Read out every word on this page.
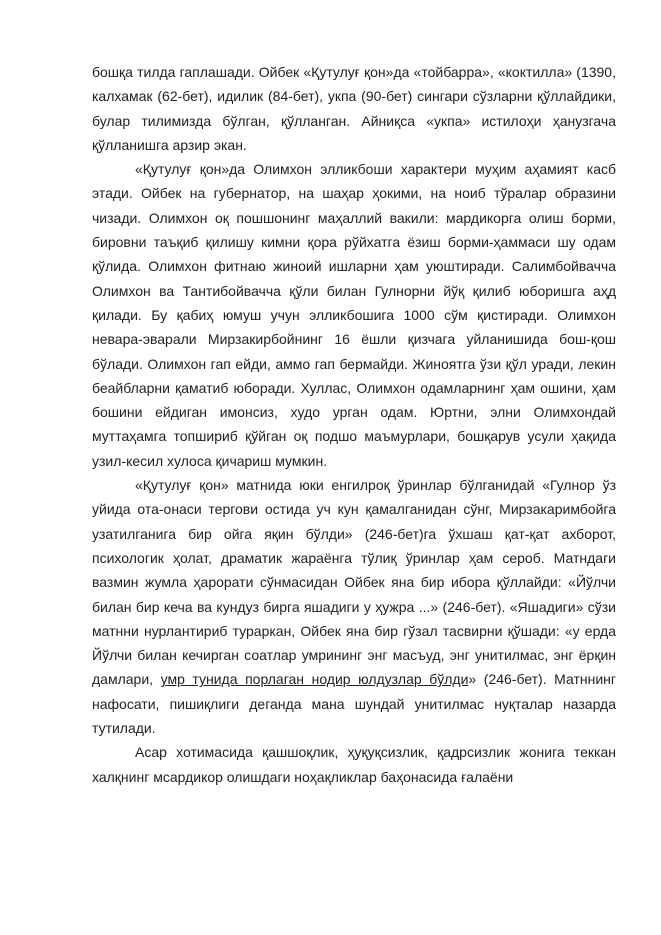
бошқа тилда гаплашади. Ойбек «Қутулуғ қон»да «тойбарра», «коктилла» (1390, калхамак (62-бет), идилик (84-бет), укпа (90-бет) сингари сўзларни қўллайдики, булар тилимизда бўлган, қўлланган. Айниқса «укпа» истилоҳи ҳанузгача қўлланишга арзир экан.

«Қутулуғ қон»да Олимхон элликбоши характери муҳим аҳамият касб этади. Ойбек на губернатор, на шаҳар ҳокими, на ноиб тўралар образини чизади. Олимхон оқ пошшонинг маҳаллий вакили: мардикорга олиш борми, бировни таъқиб қилишу кимни қора рўйхатга ёзиш борми-ҳаммаси шу одам қўлида. Олимхон фитнаю жиноий ишларни ҳам уюштиради. Салимбойвачча Олимхон ва Тантибойвачча қўли билан Гулнорни йўқ қилиб юборишга аҳд қилади. Бу қабиҳ юмуш учун элликбошига 1000 сўм қистиради. Олимхон невара-эварали Мирзакирбойнинг 16 ёшли қизчага уйланишида бош-қош бўлади. Олимхон гап ейди, аммо гап бермайди. Жиноятга ўзи қўл уради, лекин беайбларни қаматиб юборади. Хуллас, Олимхон одамларнинг ҳам ошини, ҳам бошини ейдиган имонсиз, худо урган одам. Юртни, элни Олимхондай муттаҳамга топшириб қўйган оқ подшо маъмурлари, бошқарув усули ҳақида узил-кесил хулоса қичариш мумкин.

«Қутулуғ қон» матнида юки енгилроқ ўринлар бўлганидай «Гулнор ўз уйида ота-онаси тергови остида уч кун қамалганидан сўнг, Мирзакаримбойга узатилганига бир ойга яқин бўлди» (246-бет)га ўхшаш қат-қат ахборот, психологик ҳолат, драматик жараёнга тўлиқ ўринлар ҳам сероб. Матндаги вазмин жумла ҳарорати сўнмасидан Ойбек яна бир ибора қўллайди: «Йўлчи билан бир кеча ва кундуз бирга яшадиги у ҳужра ...» (246-бет). «Яшадиги» сўзи матнни нурлантириб тураркан, Ойбек яна бир гўзал тасвирни қўшади: «у ерда Йўлчи билан кечирган соатлар умрининг энг масъуд, энг унитилмас, энг ёрқин дамлари, умр тунида порлаган нодир юлдузлар бўлди» (246-бет). Матннинг нафосати, пишиқлиги деганда мана шундай унитилмас нуқталар назарда тутилади.

Асар хотимасида қашшоқлик, ҳуқуқсизлик, қадрсизлик жонига теккан халқнинг мсардикор олишдаги ноҳақликлар баҳонасида ғалаёни
